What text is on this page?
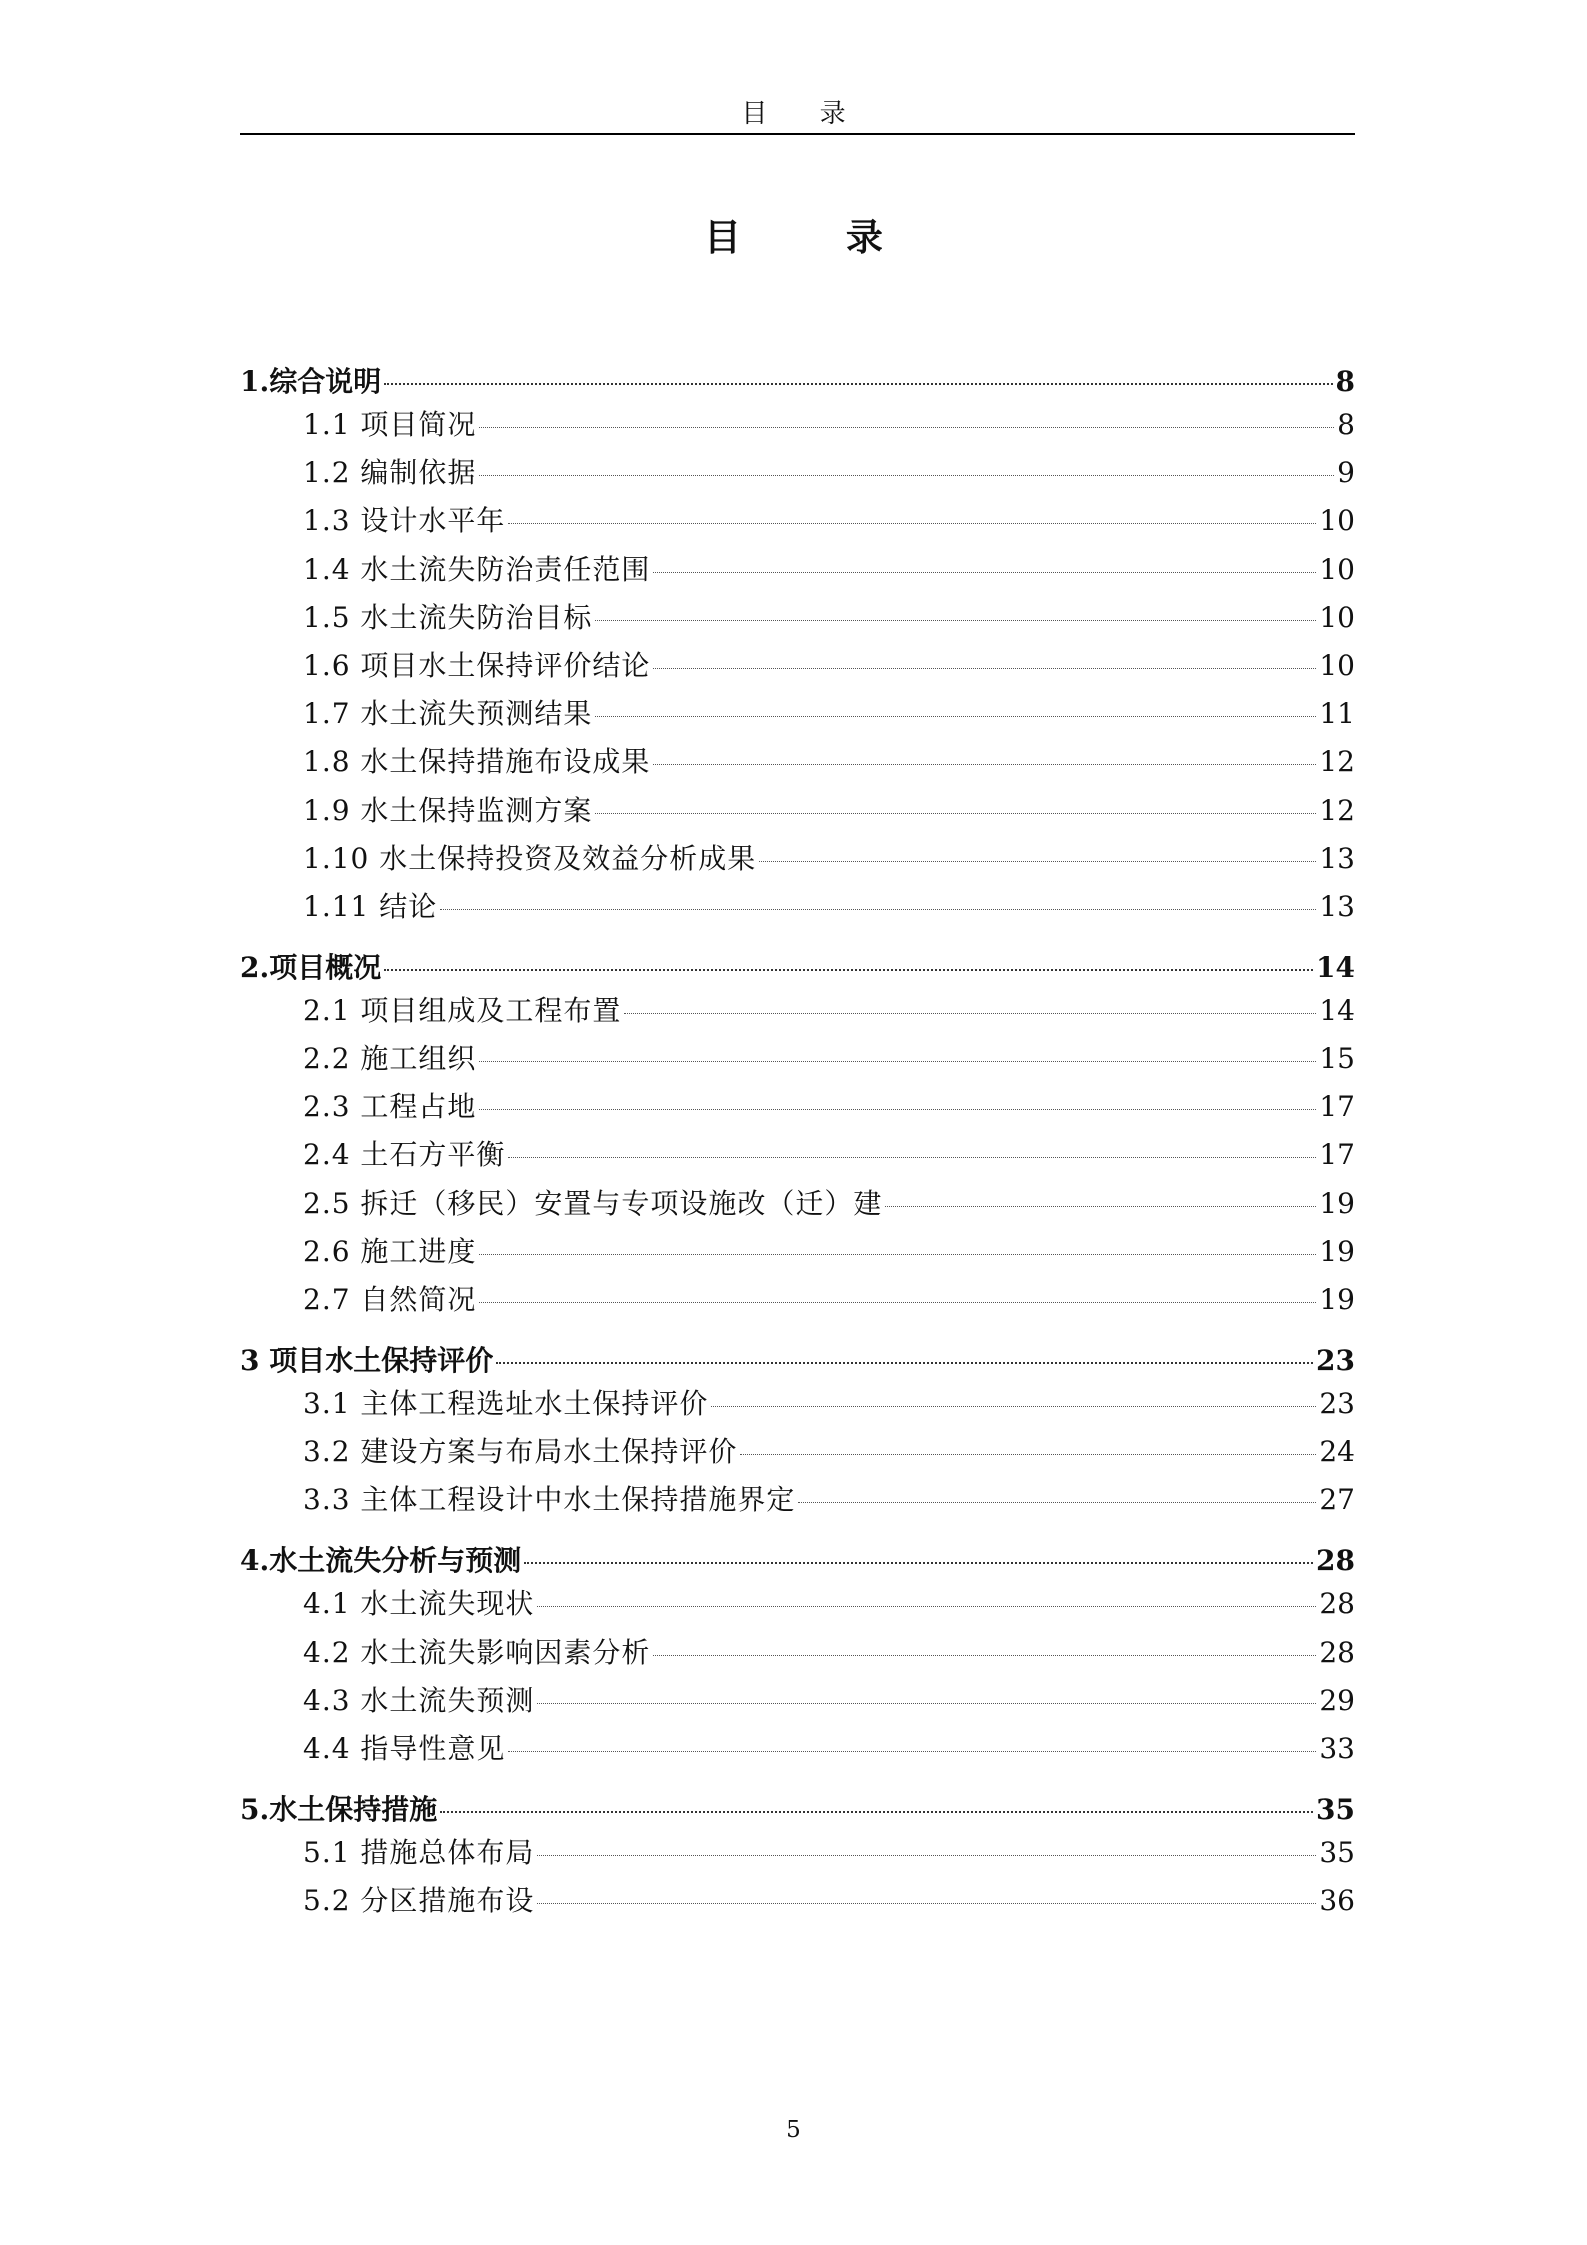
目 录
目 录
1.综合说明	8
1.1 项目简况	8
1.2 编制依据	9
1.3 设计水平年	10
1.4 水土流失防治责任范围	10
1.5 水土流失防治目标	10
1.6 项目水土保持评价结论	10
1.7 水土流失预测结果	11
1.8 水土保持措施布设成果	12
1.9 水土保持监测方案	12
1.10 水土保持投资及效益分析成果	13
1.11 结论	13
2.项目概况	14
2.1 项目组成及工程布置	14
2.2 施工组织	15
2.3 工程占地	17
2.4 土石方平衡	17
2.5 拆迁（移民）安置与专项设施改（迁）建	19
2.6 施工进度	19
2.7 自然简况	19
3 项目水土保持评价	23
3.1 主体工程选址水土保持评价	23
3.2 建设方案与布局水土保持评价	24
3.3 主体工程设计中水土保持措施界定	27
4.水土流失分析与预测	28
4.1 水土流失现状	28
4.2 水土流失影响因素分析	28
4.3 水土流失预测	29
4.4 指导性意见	33
5.水土保持措施	35
5.1 措施总体布局	35
5.2 分区措施布设	36
5
